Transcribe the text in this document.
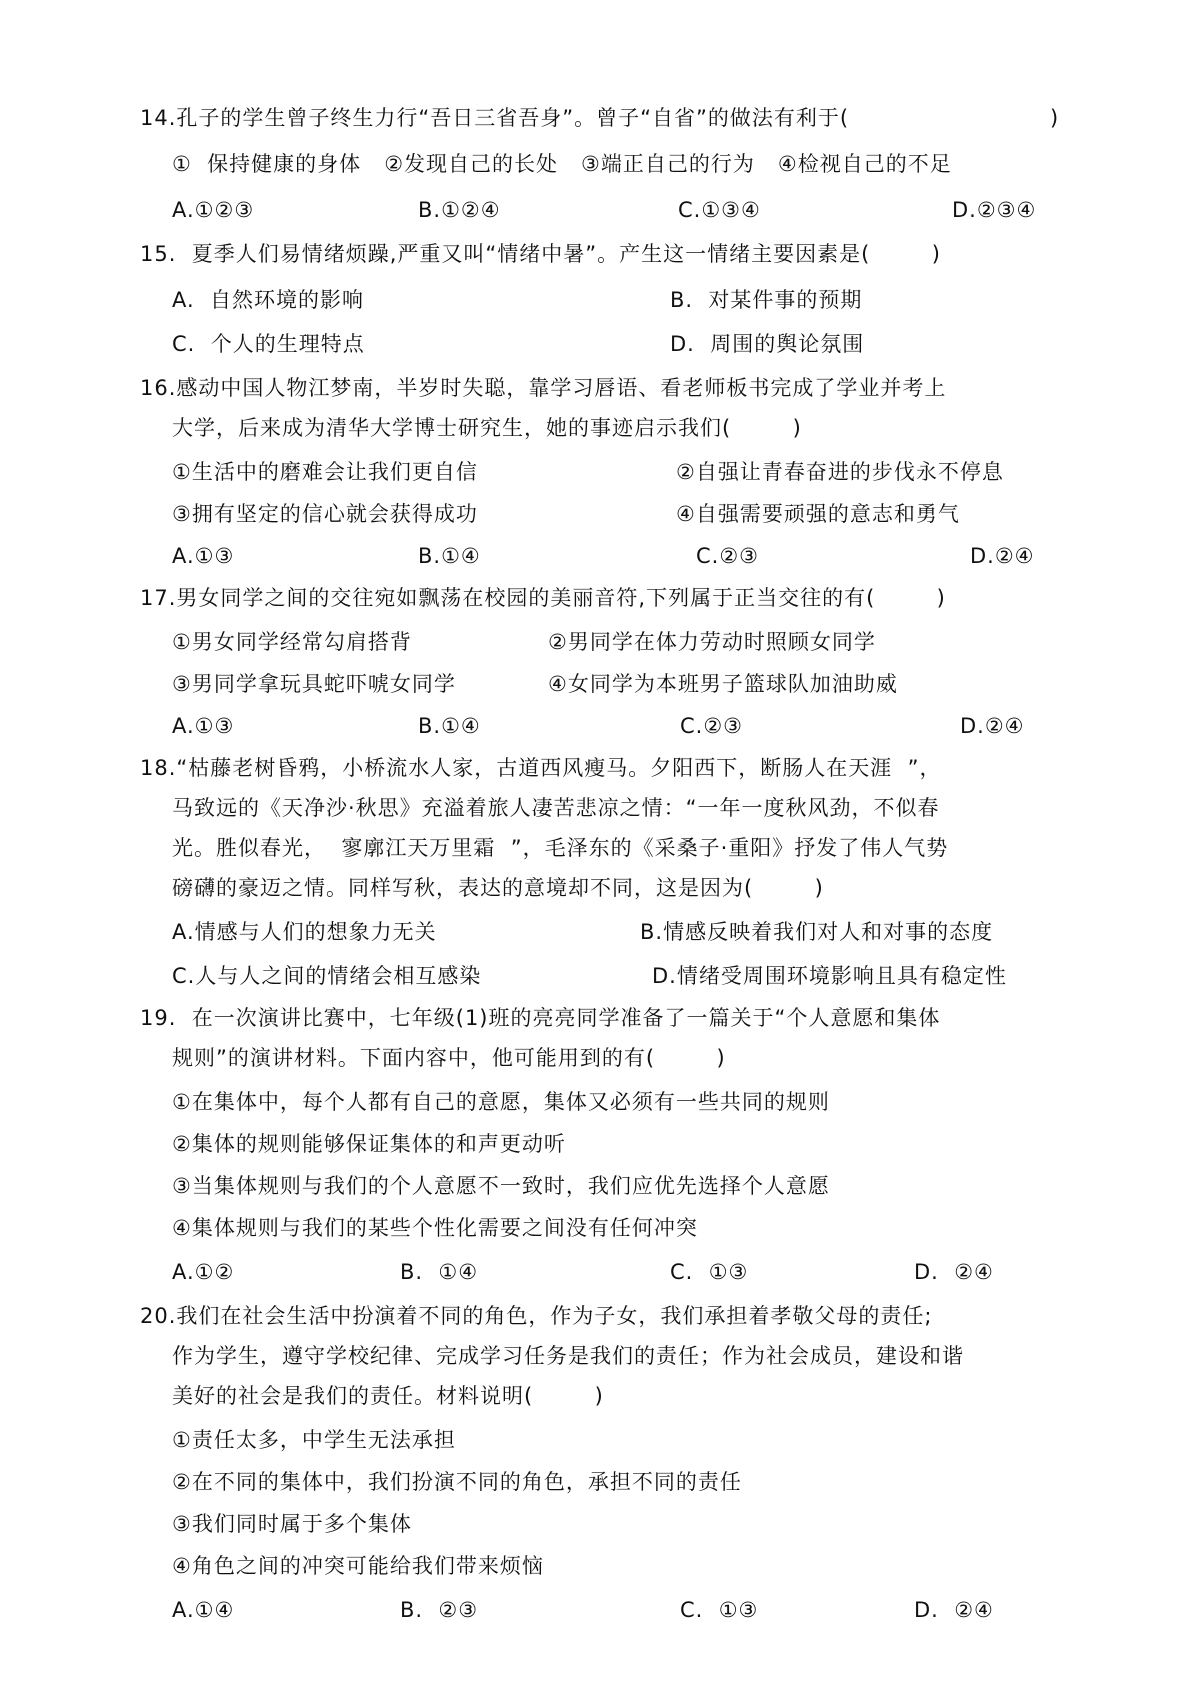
14.孔子的学生曾子终生力行“吾日三省吾身”。曾子“自省”的做法有利于(	)
①  保持健康的身体   ②发现自己的长处   ③端正自己的行为   ④检视自己的不足
A.①②③	B.①②④	C.①③④	D.②③④
15.  夏季人们易情绪烦躁,严重又叫“情绪中暑”。产生这一情绪主要因素是(        )
A.  自然环境的影响	B.  对某件事的预期
C.  个人的生理特点	D.  周围的舆论氛围
16.感动中国人物江梦南，半岁时失聪，靠学习唇语、看老师板书完成了学业并考上
大学，后来成为清华大学博士研究生，她的事迹启示我们(        )
①生活中的磨难会让我们更自信	②自强让青春奋进的步伐永不停息
③拥有坚定的信心就会获得成功	④自强需要顽强的意志和勇气
A.①③	B.①④	C.②③	D.②④
17.男女同学之间的交往宛如飘荡在校园的美丽音符,下列属于正当交往的有(        )
①男女同学经常勾肩搭背	②男同学在体力劳动时照顾女同学
③男同学拿玩具蛇吓唬女同学	④女同学为本班男子篮球队加油助威
A.①③	B.①④	C.②③	D.②④
18.“枯藤老树昏鸦，小桥流水人家，古道西风瘦马。夕阳西下，断肠人在天涯  ”，
马致远的《天净沙·秋思》充溢着旅人凄苦悲凉之情：“一年一度秋风劲，不似春
光。胜似春光，  寥廓江天万里霜  ”，毛泽东的《采桑子·重阳》抒发了伟人气势
磅礴的豪迈之情。同样写秋，表达的意境却不同，这是因为(        )
A.情感与人们的想象力无关	B.情感反映着我们对人和对事的态度
C.人与人之间的情绪会相互感染	D.情绪受周围环境影响且具有稳定性
19.  在一次演讲比赛中，七年级(1)班的亮亮同学准备了一篇关于“个人意愿和集体
规则”的演讲材料。下面内容中，他可能用到的有(        )
①在集体中，每个人都有自己的意愿，集体又必须有一些共同的规则
②集体的规则能够保证集体的和声更动听
③当集体规则与我们的个人意愿不一致时，我们应优先选择个人意愿
④集体规则与我们的某些个性化需要之间没有任何冲突
A.①②	B.  ①④	C.  ①③	D.  ②④
20.我们在社会生活中扮演着不同的角色，作为子女，我们承担着孝敬父母的责任;
作为学生，遵守学校纪律、完成学习任务是我们的责任；作为社会成员，建设和谐
美好的社会是我们的责任。材料说明(        )
①责任太多，中学生无法承担
②在不同的集体中，我们扮演不同的角色，承担不同的责任
③我们同时属于多个集体
④角色之间的冲突可能给我们带来烦恼
A.①④	B.  ②③	C.  ①③	D.  ②④
